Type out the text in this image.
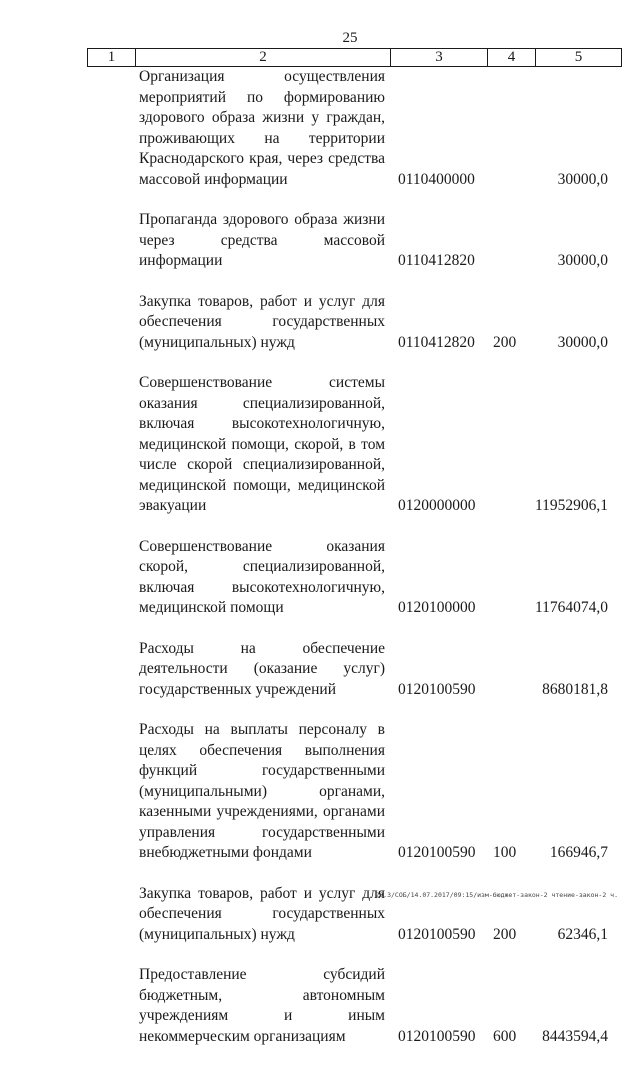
25
1	2	3	4	5
Организация осуществления мероприятий по формированию здорового образа жизни у граждан, проживающих на территории Краснодарского края, через средства массовой информации	0110400000	30000,0
Пропаганда здорового образа жизни через средства массовой информации	0110412820	30000,0
Закупка товаров, работ и услуг для обеспечения государственных (муниципальных) нужд	0110412820 200	30000,0
Совершенствование системы оказания специализированной, включая высокотехнологичную, медицинской помощи, скорой, в том числе скорой специализированной, медицинской помощи, медицинской эвакуации	0120000000	11952906,1
Совершенствование оказания скорой, специализированной, включая высокотехнологичную, медицинской помощи	0120100000	11764074,0
Расходы на обеспечение деятельности (оказание услуг) государственных учреждений	0120100590	8680181,8
Расходы на выплаты персоналу в целях обеспечения выполнения функций государственными (муниципальными) органами, казенными учреждениями, органами управления государственными внебюджетными фондами	0120100590 100 166946,7
Закупка товаров, работ и услуг для обеспечения государственных (муниципальных) нужд	0120100590 200	62346,1
Предоставление субсидий бюджетным, автономным учреждениям и иным некоммерческим организациям	0120100590 600 8443594,4
20.3/СОБ/14.07.2017/09:15/изм-бюджет-закон-2 чтение-закон-2 ч.
